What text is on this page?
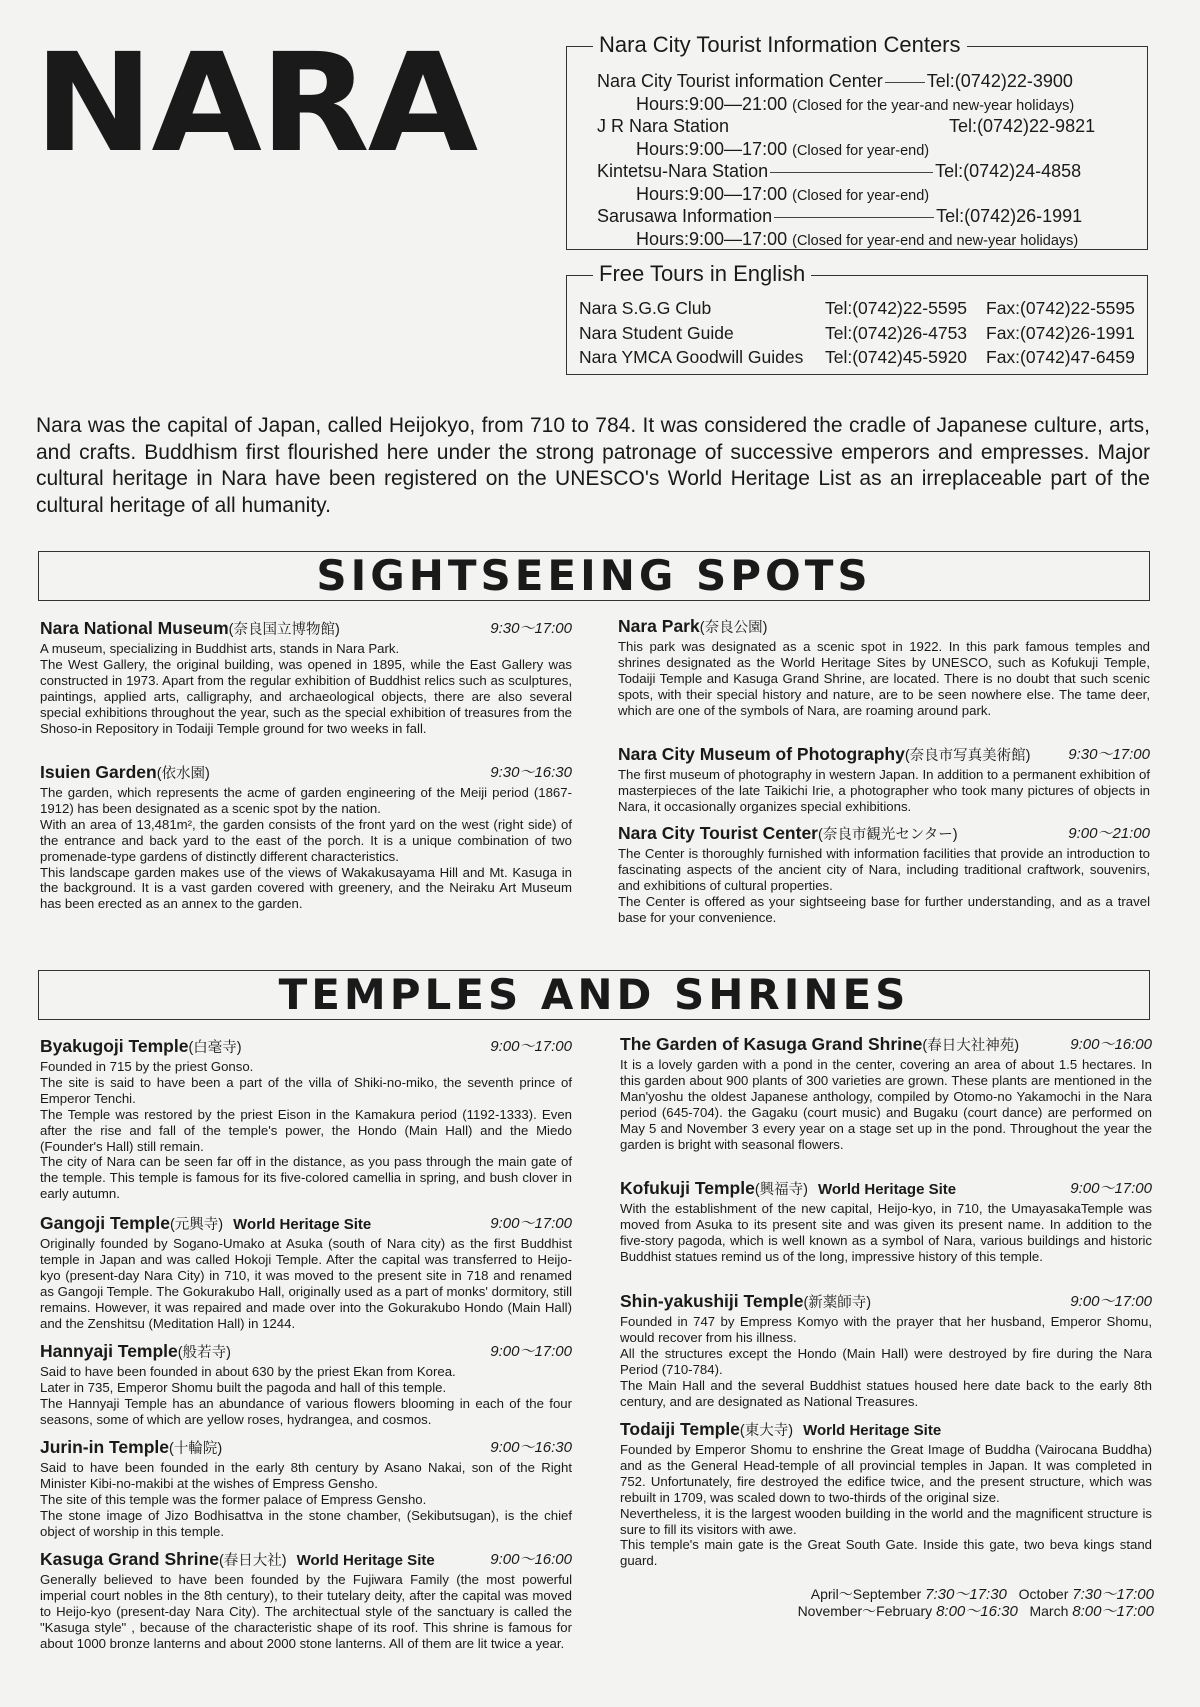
NARA	Nara City Tourist Information Centers
Nara City Tourist information Center Tel:(0742)22-3900
Hours:9:00—21:00 (Closed for the year-and new-year holidays)
J R Nara Station	Tel:(0742)22-9821
Hours:9:00—17:00 (Closed for year-end)
Kintetsu-Nara Station	Tel:(0742)24-4858
Hours:9:00—17:00 (Closed for year-end)
Sarusawa Information	Tel:(0742)26-1991
Hours:9:00—17:00 (Closed for year-end and new-year holidays)
Free Tours in English
Nara S.G.G Club	Tel:(0742)22-5595 Fax:(0742)22-5595
Nara Student Guide	Tel:(0742)26-4753 Fax:(0742)26-1991
Nara YMCA Goodwill Guides Tel:(0742)45-5920 Fax:(0742)47-6459
Nara was the capital of Japan, called Heijokyo, from 710 to 784. It was considered the cradle of Japanese culture, arts, and crafts. Buddhism first flourished here under the strong patronage of successive emperors and empresses. Major cultural heritage in Nara have been registered on the UNESCO's World Heritage List as an irreplaceable part of the cultural heritage of all humanity.
SIGHTSEEING SPOTS
Nara National Museum(奈良国立博物館)	9:30〜17:00

A museum, specializing in Buddhist arts, stands in Nara Park.

The West Gallery, the original building, was opened in 1895, while the East Gallery was constructed in 1973. Apart from the regular exhibition of Buddhist relics such as sculptures, paintings, applied arts, calligraphy, and archaeological objects, there are also several special exhibitions throughout the year, such as the special exhibition of treasures from the Shoso-in Repository in Todaiji Temple ground for two weeks in fall.

Isuien Garden(依水園)	9:30〜16:30

The garden, which represents the acme of garden engineering of the Meiji period (1867-1912) has been designated as a scenic spot by the nation.

With an area of 13,481m², the garden consists of the front yard on the west (right side) of the entrance and back yard to the east of the porch. It is a unique combination of two promenade-type gardens of distinctly different characteristics.

This landscape garden makes use of the views of Wakakusayama Hill and Mt. Kasuga in the background. It is a vast garden covered with greenery, and the Neiraku Art Museum has been erected as an annex to the garden.

Nara Park(奈良公園)

This park was designated as a scenic spot in 1922. In this park famous temples and shrines designated as the World Heritage Sites by UNESCO, such as Kofukuji Temple, Todaiji Temple and Kasuga Grand Shrine, are located. There is no doubt that such scenic spots, with their special history and nature, are to be seen nowhere else. The tame deer, which are one of the symbols of Nara, are roaming around park.

Nara City Museum of Photography(奈良市写真美術館)	9:30〜17:00

The first museum of photography in western Japan. In addition to a permanent exhibition of masterpieces of the late Taikichi Irie, a photographer who took many pictures of objects in Nara, it occasionally organizes special exhibitions.

Nara City Tourist Center(奈良市観光センター)	9:00〜21:00

The Center is thoroughly furnished with information facilities that provide an introduction to fascinating aspects of the ancient city of Nara, including traditional craftwork, souvenirs, and exhibitions of cultural properties.

The Center is offered as your sightseeing base for further understanding, and as a travel base for your convenience.

TEMPLES AND SHRINES
Byakugoji Temple(白毫寺)	9:00〜17:00

Founded in 715 by the priest Gonso.

The site is said to have been a part of the villa of Shiki-no-miko, the seventh prince of Emperor Tenchi.

The Temple was restored by the priest Eison in the Kamakura period (1192-1333). Even after the rise and fall of the temple's power, the Hondo (Main Hall) and the Miedo (Founder's Hall) still remain.

The city of Nara can be seen far off in the distance, as you pass through the main gate of the temple. This temple is famous for its five-colored camellia in spring, and bush clover in early autumn.

Gangoji Temple(元興寺) World Heritage Site	9:00〜17:00

Originally founded by Sogano-Umako at Asuka (south of Nara city) as the first Buddhist temple in Japan and was called Hokoji Temple. After the capital was transferred to Heijo-kyo (present-day Nara City) in 710, it was moved to the present site in 718 and renamed as Gangoji Temple. The Gokurakubo Hall, originally used as a part of monks' dormitory, still remains. However, it was repaired and made over into the Gokurakubo Hondo (Main Hall) and the Zenshitsu (Meditation Hall) in 1244.

Hannyaji Temple(般若寺)	9:00〜17:00

Said to have been founded in about 630 by the priest Ekan from Korea.

Later in 735, Emperor Shomu built the pagoda and hall of this temple.

The Hannyaji Temple has an abundance of various flowers blooming in each of the four seasons, some of which are yellow roses, hydrangea, and cosmos.

Jurin-in Temple(十輪院)	9:00〜16:30

Said to have been founded in the early 8th century by Asano Nakai, son of the Right Minister Kibi-no-makibi at the wishes of Empress Gensho.

The site of this temple was the former palace of Empress Gensho.

The stone image of Jizo Bodhisattva in the stone chamber, (Sekibutsugan), is the chief object of worship in this temple.

Kasuga Grand Shrine(春日大社) World Heritage Site	9:00〜16:00

Generally believed to have been founded by the Fujiwara Family (the most powerful imperial court nobles in the 8th century), to their tutelary deity, after the capital was moved to Heijo-kyo (present-day Nara City). The architectual style of the sanctuary is called the "Kasuga style" , because of the characteristic shape of its roof. This shrine is famous for about 1000 bronze lanterns and about 2000 stone lanterns. All of them are lit twice a year.

The Garden of Kasuga Grand Shrine(春日大社神苑)	9:00〜16:00

It is a lovely garden with a pond in the center, covering an area of about 1.5 hectares. In this garden about 900 plants of 300 varieties are grown. These plants are mentioned in the Man'yoshu the oldest Japanese anthology, compiled by Otomo-no Yakamochi in the Nara period (645-704). the Gagaku (court music) and Bugaku (court dance) are performed on May 5 and November 3 every year on a stage set up in the pond. Throughout the year the garden is bright with seasonal flowers.

Kofukuji Temple(興福寺) World Heritage Site	9:00〜17:00

With the establishment of the new capital, Heijo-kyo, in 710, the UmayasakaTemple was moved from Asuka to its present site and was given its present name. In addition to the five-story pagoda, which is well known as a symbol of Nara, various buildings and historic Buddhist statues remind us of the long, impressive history of this temple.

Shin-yakushiji Temple(新薬師寺)	9:00〜17:00

Founded in 747 by Empress Komyo with the prayer that her husband, Emperor Shomu, would recover from his illness.

All the structures except the Hondo (Main Hall) were destroyed by fire during the Nara Period (710-784).

The Main Hall and the several Buddhist statues housed here date back to the early 8th century, and are designated as National Treasures.

Todaiji Temple(東大寺) World Heritage Site

Founded by Emperor Shomu to enshrine the Great Image of Buddha (Vairocana Buddha) and as the General Head-temple of all provincial temples in Japan. It was completed in 752. Unfortunately, fire destroyed the edifice twice, and the present structure, which was rebuilt in 1709, was scaled down to two-thirds of the original size.

Nevertheless, it is the largest wooden building in the world and the magnificent structure is sure to fill its visitors with awe.

This temple's main gate is the Great South Gate. Inside this gate, two beva kings stand guard.

April〜September 7:30〜17:30 October 7:30〜17:00
November〜February 8:00〜16:30 March 8:00〜17:00
